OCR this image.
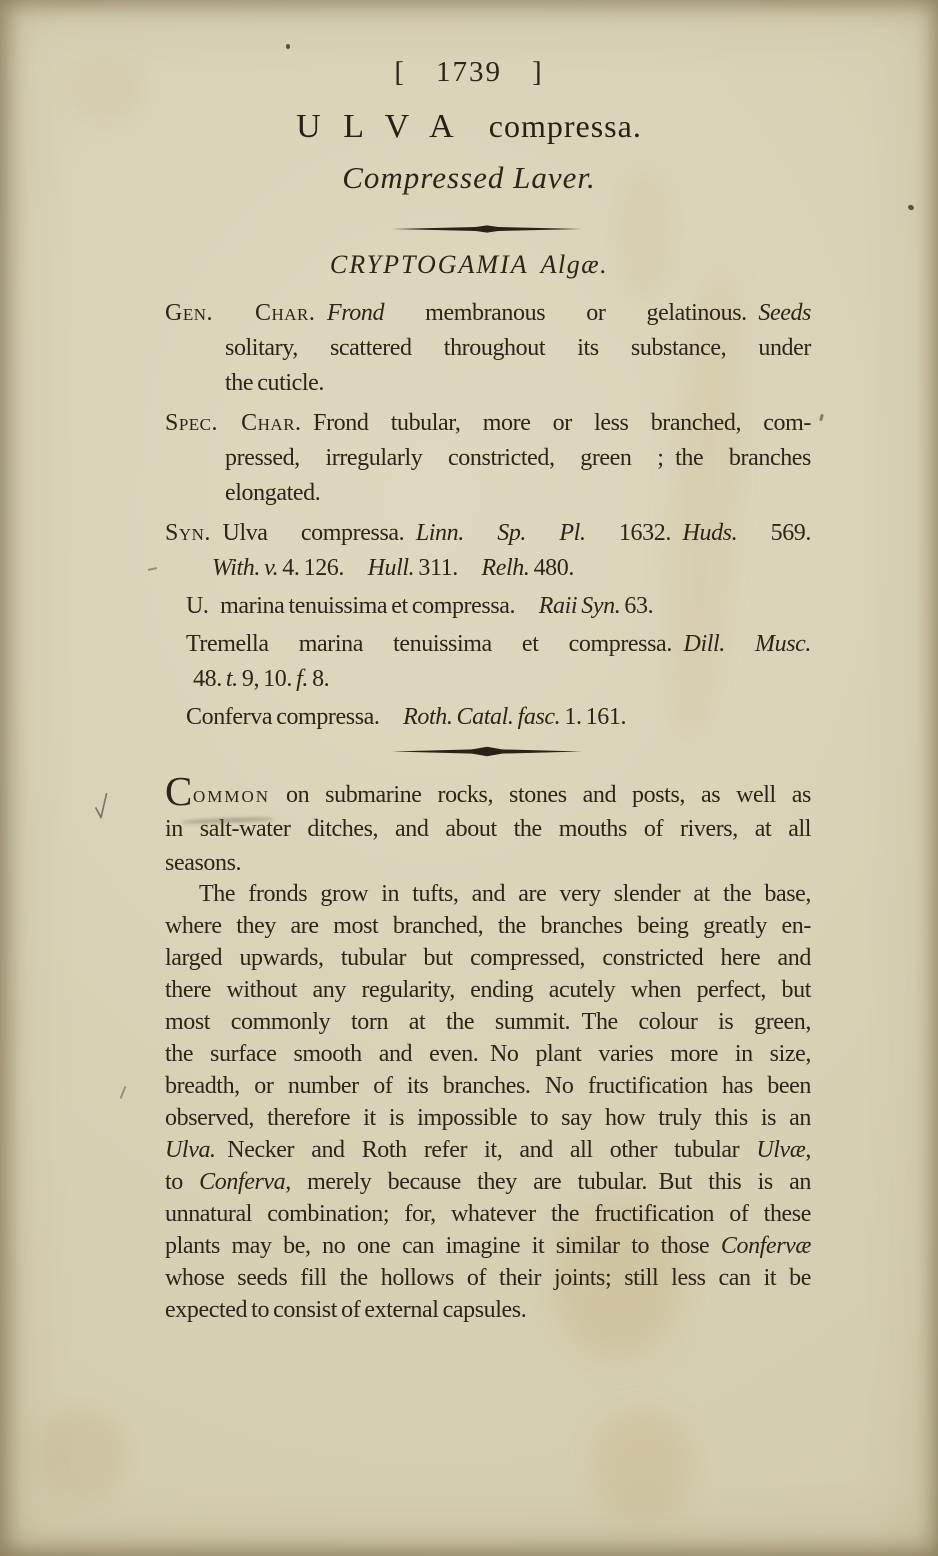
[ 1739 ]
U L V A compressa.
Compressed Laver.
CRYPTOGAMIA Algæ.
Gen. Char.  Frond membranous or gelatinous. Seeds
solitary, scattered throughout its substance, under
the cuticle.
Spec. Char. Frond tubular, more or less branched, com-
pressed, irregularly constricted, green ; the branches
elongated.
Syn. Ulva compressa. Linn. Sp. Pl. 1632. Huds. 569.
With. v. 4. 126. Hull. 311. Relh. 480.
U. marina tenuissima et compressa. Raii Syn. 63.
Tremella marina tenuissima et compressa. Dill. Musc.
48. t. 9, 10. f. 8.
Conferva compressa. Roth. Catal. fasc. 1. 161.
Common on submarine rocks, stones and posts, as well as
in salt-water ditches, and about the mouths of rivers, at all
seasons.
The fronds grow in tufts, and are very slender at the base,
where they are most branched, the branches being greatly en-
larged upwards, tubular but compressed, constricted here and
there without any regularity, ending acutely when perfect, but
most commonly torn at the summit. The colour is green,
the surface smooth and even. No plant varies more in size,
breadth, or number of its branches. No fructification has been
observed, therefore it is impossible to say how truly this is an
Ulva. Necker and Roth refer it, and all other tubular Ulvæ,
to Conferva, merely because they are tubular. But this is an
unnatural combination; for, whatever the fructification of these
plants may be, no one can imagine it similar to those Confervæ
whose seeds fill the hollows of their joints; still less can it be
expected to consist of external capsules.
